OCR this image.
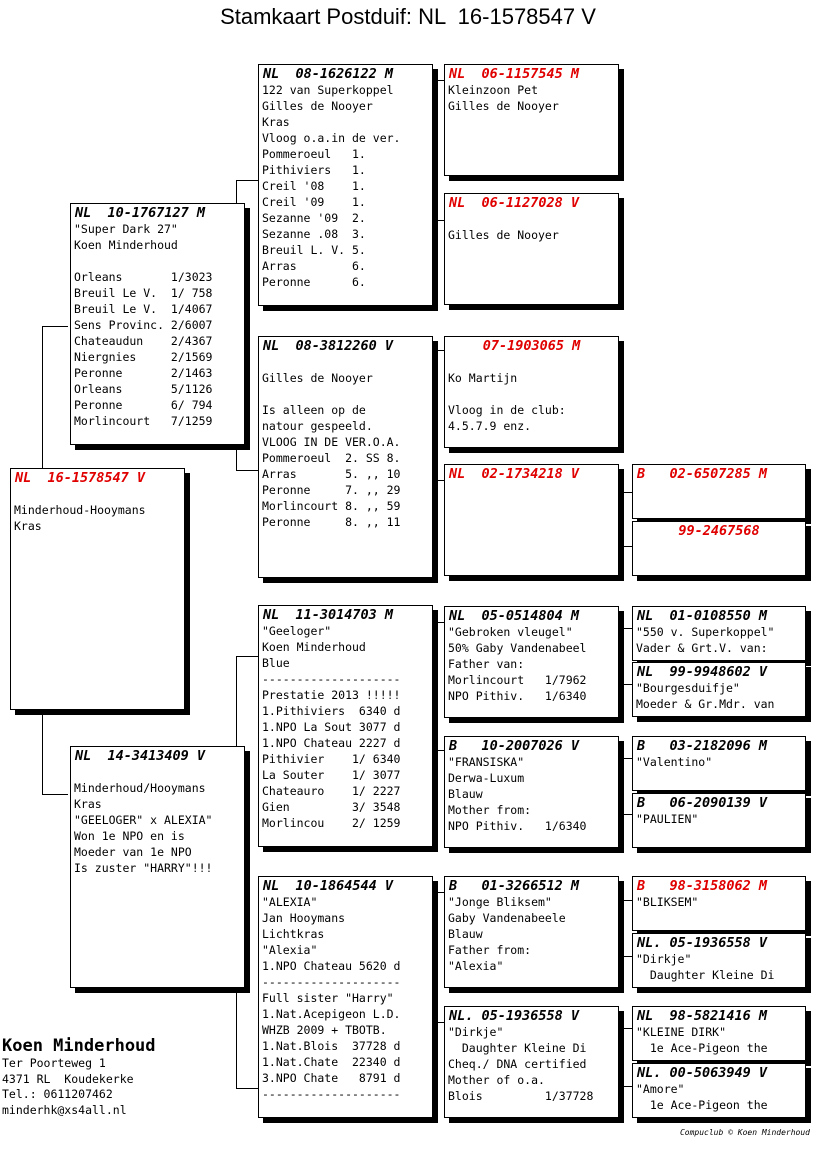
Stamkaart Postduif: NL  16-1578547 V
NL  16-1578547 V

Minderhoud-Hooymans
Kras
NL  10-1767127 M
"Super Dark 27"
Koen Minderhoud

Orleans       1/3023
Breuil Le V.  1/ 758
Breuil Le V.  1/4067
Sens Provinc. 2/6007
Chateaudun    2/4367
Niergnies     2/1569
Peronne       2/1463
Orleans       5/1126
Peronne       6/ 794
Morlincourt   7/1259
NL  14-3413409 V

Minderhoud/Hooymans
Kras
"GEELOGER" x ALEXIA"
Won 1e NPO en is
Moeder van 1e NPO
Is zuster "HARRY"!!!
NL  08-1626122 M
122 van Superkoppel
Gilles de Nooyer
Kras
Vloog o.a.in de ver.
Pommeroeul   1.
Pithiviers   1.
Creil '08    1.
Creil '09    1.
Sezanne '09  2.
Sezanne .08  3.
Breuil L. V. 5.
Arras        6.
Peronne      6.
NL  08-3812260 V

Gilles de Nooyer

Is alleen op de
natour gespeeld.
VLOOG IN DE VER.O.A.
Pommeroeul  2. SS 8.
Arras       5. ,, 10
Peronne     7. ,, 29
Morlincourt 8. ,, 59
Peronne     8. ,, 11
NL  11-3014703 M
"Geeloger"
Koen Minderhoud
Blue
--------------------
Prestatie 2013 !!!!!
1.Pithiviers  6340 d
1.NPO La Sout 3077 d
1.NPO Chateau 2227 d
Pithivier    1/ 6340
La Souter    1/ 3077
Chateauro    1/ 2227
Gien         3/ 3548
Morlincou    2/ 1259
NL  10-1864544 V
"ALEXIA"
Jan Hooymans
Lichtkras
"Alexia"
1.NPO Chateau 5620 d
--------------------
Full sister "Harry"
1.Nat.Acepigeon L.D.
WHZB 2009 + TBOTB.
1.Nat.Blois  37728 d
1.Nat.Chate  22340 d
3.NPO Chate   8791 d
--------------------
NL  06-1157545 M
Kleinzoon Pet
Gilles de Nooyer
NL  06-1127028 V

Gilles de Nooyer
07-1903065 M

Ko Martijn

Vloog in de club:
4.5.7.9 enz.
NL  02-1734218 V
NL  05-0514804 M
"Gebroken vleugel"
50% Gaby Vandenabeel
Father van:
Morlincourt   1/7962
NPO Pithiv.   1/6340
B   10-2007026 V
"FRANSISKA"
Derwa-Luxum
Blauw
Mother from:
NPO Pithiv.   1/6340
B   01-3266512 M
"Jonge Bliksem"
Gaby Vandenabeele
Blauw
Father from:
"Alexia"
NL. 05-1936558 V
"Dirkje"
Daughter Kleine Di
Cheq./ DNA certified
Mother of o.a.
Blois         1/37728
B   02-6507285 M
99-2467568
NL  01-0108550 M
"550 v. Superkoppel"
Vader & Grt.V. van:
NL  99-9948602 V
"Bourgesduifje"
Moeder & Gr.Mdr. van
B   03-2182096 M
"Valentino"
B   06-2090139 V
"PAULIEN"
B   98-3158062 M
"BLIKSEM"
NL. 05-1936558 V
"Dirkje"
Daughter Kleine Di
NL  98-5821416 M
"KLEINE DIRK"
1e Ace-Pigeon the
NL. 00-5063949 V
"Amore"
1e Ace-Pigeon the
Koen Minderhoud
Ter Poorteweg 1
4371 RL  Koudekerke
Tel.: 0611207462
minderhk@xs4all.nl
Compuclub © Koen Minderhoud
